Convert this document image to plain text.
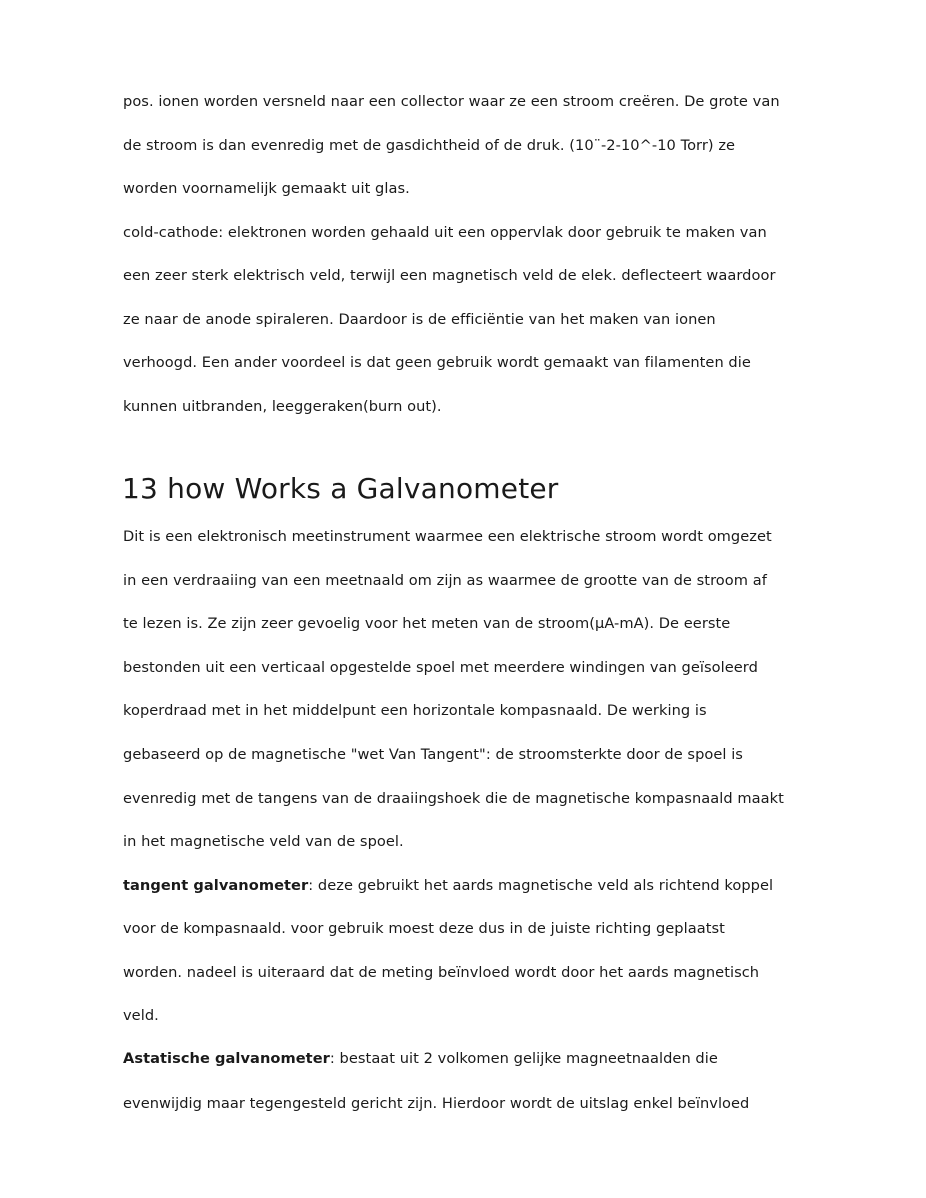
pos. ionen worden versneld naar een collector waar ze een stroom creëren. De grote van
de stroom is dan evenredig met de gasdichtheid of de druk. (10¨-2-10^-10 Torr) ze
worden voornamelijk gemaakt uit glas.
cold-cathode: elektronen worden gehaald uit een oppervlak door gebruik te maken van
een zeer sterk elektrisch veld, terwijl een magnetisch veld de elek. deflecteert waardoor
ze naar de anode spiraleren. Daardoor is de efficiëntie van het maken van ionen
verhoogd. Een ander voordeel is dat geen gebruik wordt gemaakt van filamenten die
kunnen uitbranden, leeggeraken(burn out).
13 how Works a Galvanometer
Dit is een elektronisch meetinstrument waarmee een elektrische stroom wordt omgezet
in een verdraaiing van een meetnaald om zijn as waarmee de grootte van de stroom af
te lezen is. Ze zijn zeer gevoelig voor het meten van de stroom(µA-mA). De eerste
bestonden uit een verticaal opgestelde spoel met meerdere windingen van geïsoleerd
koperdraad met in het middelpunt een horizontale kompasnaald. De werking is
gebaseerd op de magnetische "wet Van Tangent": de stroomsterkte door de spoel is
evenredig met de tangens van de draaiingshoek die de magnetische kompasnaald maakt
in het magnetische veld van de spoel.
tangent galvanometer: deze gebruikt het aards magnetische veld als richtend koppel
voor de kompasnaald. voor gebruik moest deze dus in de juiste richting geplaatst
worden. nadeel is uiteraard dat de meting beïnvloed wordt door het aards magnetisch
veld.
Astatische galvanometer: bestaat uit 2 volkomen gelijke magneetnaalden die
evenwijdig maar tegengesteld gericht zijn. Hierdoor wordt de uitslag enkel beïnvloed
